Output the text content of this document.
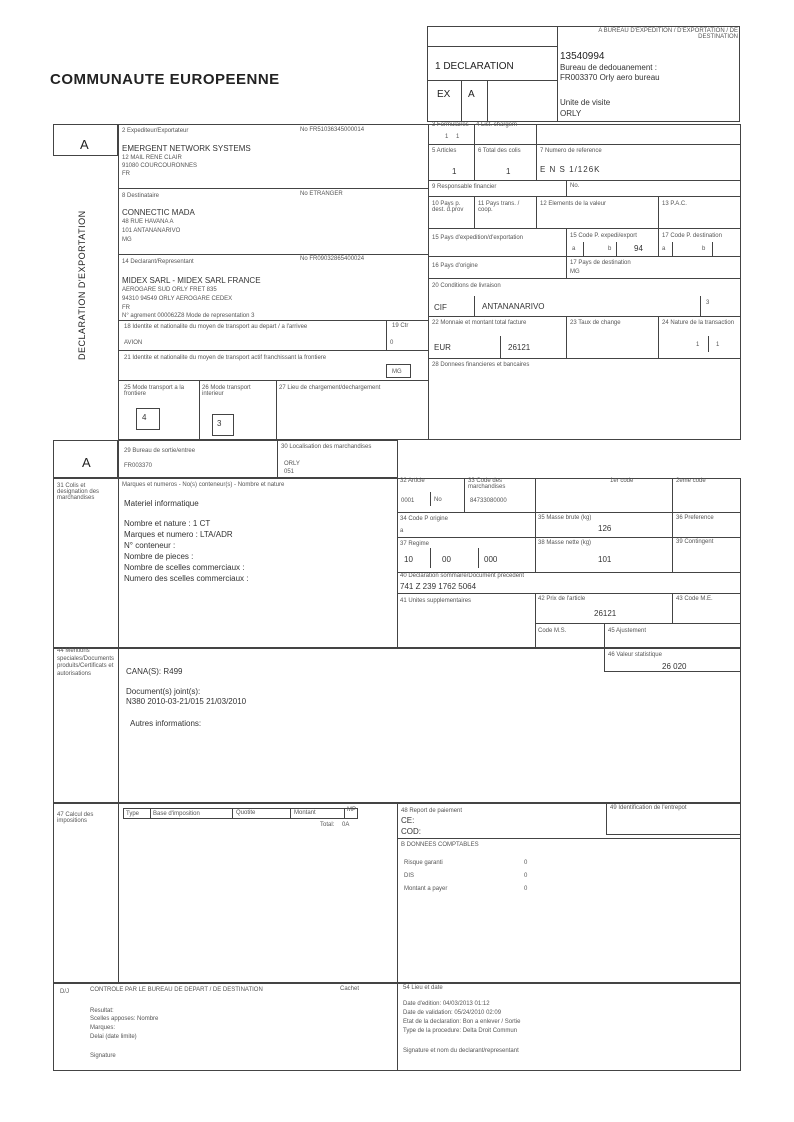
COMMUNAUTE EUROPEENNE
A BUREAU D'EXPEDITION / D'EXPORTATION / DE DESTINATION
13540994
Bureau de dedouanement :
FR003370 Orly aero bureau
Unite de visite
ORLY
1 DECLARATION
EX A
A
DECLARATION D'EXPORTATION
A
2 Expediteur/Exportateur	No FR51036345000014
EMERGENT NETWORK SYSTEMS
12 MAIL RENE CLAIR
91080 COURCOURONNES
FR
8 Destinataire	No ETRANGER
CONNECTIC MADA
48 RUE HAVANA A
101 ANTANANARIVO
MG
14 Declarant/Representant	No FR09032865400024
MIDEX SARL - MIDEX SARL FRANCE
AEROGARE SUD ORLY FRET 835
94310 94549 ORLY AEROGARE CEDEX
FR
N° agrement 000062Z8 Mode de representation 3
18 Identite et nationalite du moyen de transport au depart / a l'arrivee	19 Ctr
AVION	0
21 Identite et nationalite du moyen de transport actif franchissant la frontiere
MG
25 Mode transport a la frontiere
26 Mode transport interieur
27 Lieu de chargement/dechargement
4
3
3 Formulaires 4 List. chargem
1 1
5 Articles	6 Total des colis	7 Numero de reference
1	1	E N S 1/126K
9 Responsable financier	No.
10 Pays p. dest. d.prov
11 Pays trans. / coop.
12 Elements de la valeur	13 P.A.C.
15 Pays d'expedition/d'exportation	15 Code P. expedi/export	17 Code P. destination
a	b	94	a	b
16 Pays d'origine	17 Pays de destination
MG
20 Conditions de livraison
CIF	ANTANANARIVO	3
22 Monnaie et montant total facture	23 Taux de change	24 Nature de la transaction
EUR	26121	1	1
28 Donnees financieres et bancaires
29 Bureau de sortie/entree
FR003370
30 Localisation des marchandises
ORLY
051
31 Colis et designation des marchandises
Marques et numeros - No(s) conteneur(s) - Nombre et nature
Materiel informatique
Nombre et nature : 1 CT
Marques et numero : LTA/ADR
N° conteneur :
Nombre de pieces :
Nombre de scelles commerciaux :
Numero des scelles commerciaux :
32 Article	33 Code des marchandises
1er code	2eme code
0001	No	84733080000
34 Code P origine
a
35 Masse brute (kg)
126
36 Preference
37 Regime
10	00	000
38 Masse nette (kg)
101
39 Contingent
40 Declaration sommaire/Document precedent
741 Z 239 1762 5064
41 Unites supplementaires	42 Prix de l'article
26121
43 Code M.E.
Code M.S.	45 Ajustement
44 Mentions speciales/Documents produits/Certificats et autorisations
46 Valeur statistique
26 020
CANA(S): R499
Document(s) joint(s):
N380 2010-03-21/015 21/03/2010
Autres informations:
47 Calcul des impositions
Type Base d'imposition	Quotite	Montant	MP
Total: 0A
48 Report de paiement
CE:
COD:
49 Identification de l'entrepot
B DONNEES COMPTABLES
Risque garanti	0
DIS	0
Montant a payer	0
D/J	CONTROLE PAR LE BUREAU DE DEPART / DE DESTINATION	Cachet
Resultat:
Scelles apposes: Nombre
Marques:
Delai (date limite)
Signature
54 Lieu et date
Date d'edition: 04/03/2013 01:12
Date de validation: 05/24/2010 02:09
Etat de la declaration: Bon a enlever / Sortie
Type de la procedure: Delta Droit Commun
Signature et nom du declarant/representant
